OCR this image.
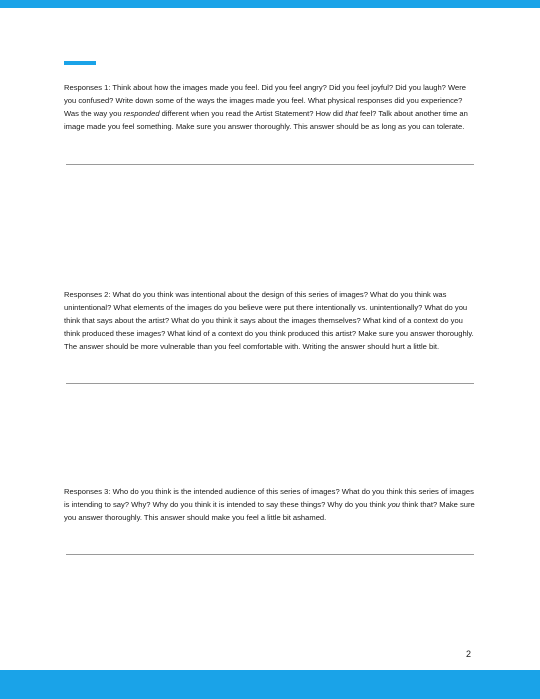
Responses 1: Think about how the images made you feel. Did you feel angry? Did you feel joyful? Did you laugh? Were you confused? Write down some of the ways the images made you feel. What physical responses did you experience? Was the way you responded different when you read the Artist Statement? How did that feel? Talk about another time an image made you feel something. Make sure you answer thoroughly. This answer should be as long as you can tolerate.

Responses 2: What do you think was intentional about the design of this series of images? What do you think was unintentional? What elements of the images do you believe were put there intentionally vs. unintentionally? What do you think that says about the artist? What do you think it says about the images themselves? What kind of a context do you think produced these images? What kind of a context do you think produced this artist? Make sure you answer thoroughly. The answer should be more vulnerable than you feel comfortable with. Writing the answer should hurt a little bit.

Responses 3: Who do you think is the intended audience of this series of images? What do you think this series of images is intending to say? Why? Why do you think it is intended to say these things? Why do you think you think that? Make sure you answer thoroughly. This answer should make you feel a little bit ashamed.

2
